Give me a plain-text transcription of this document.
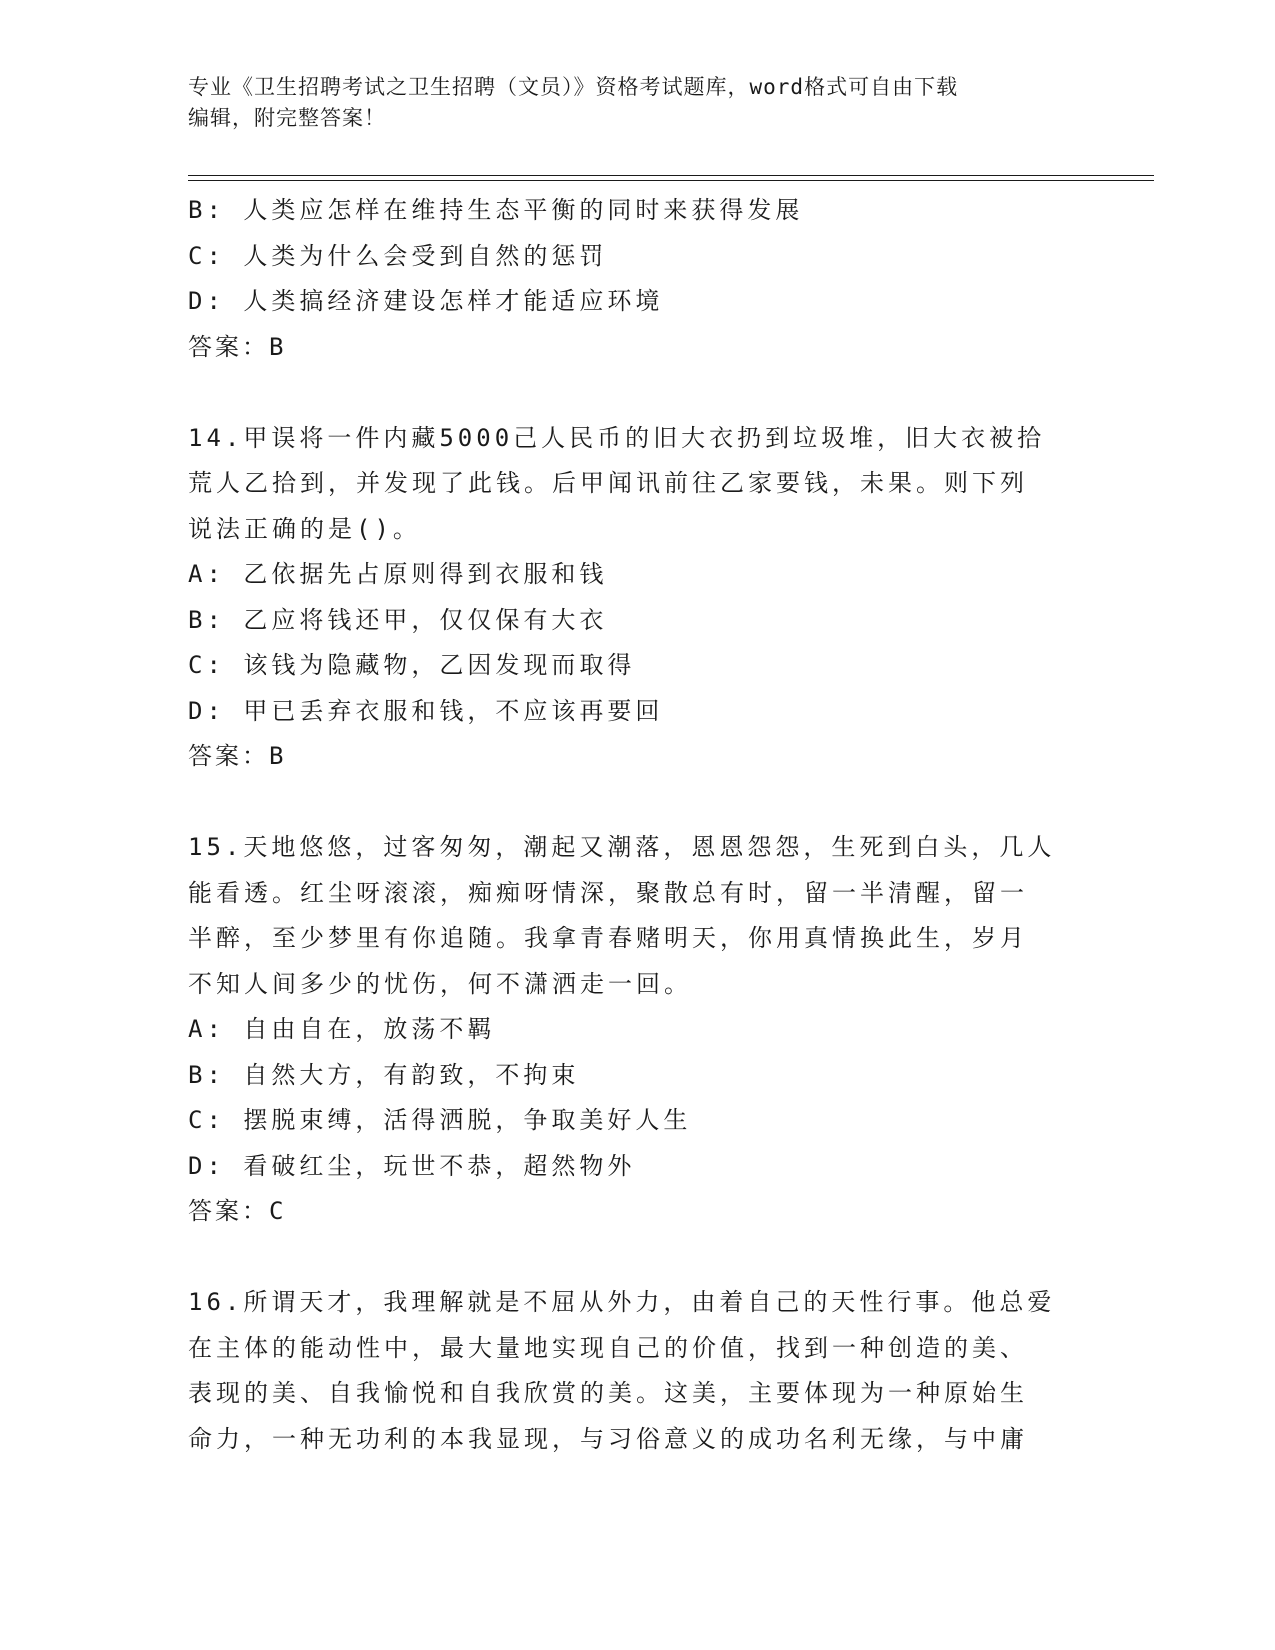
专业《卫生招聘考试之卫生招聘（文员）》资格考试题库，word格式可自由下载
编辑，附完整答案！
B: 人类应怎样在维持生态平衡的同时来获得发展
C: 人类为什么会受到自然的惩罚
D: 人类搞经济建设怎样才能适应环境
答案：B
14.甲误将一件内藏5000己人民币的旧大衣扔到垃圾堆，旧大衣被拾
荒人乙拾到，并发现了此钱。后甲闻讯前往乙家要钱，未果。则下列
说法正确的是()。
A: 乙依据先占原则得到衣服和钱
B: 乙应将钱还甲，仅仅保有大衣
C: 该钱为隐藏物，乙因发现而取得
D: 甲已丢弃衣服和钱，不应该再要回
答案：B
15.天地悠悠，过客匆匆，潮起又潮落，恩恩怨怨，生死到白头，几人
能看透。红尘呀滚滚，痴痴呀情深，聚散总有时，留一半清醒，留一
半醉，至少梦里有你追随。我拿青春赌明天，你用真情换此生，岁月
不知人间多少的忧伤，何不潇洒走一回。
A: 自由自在，放荡不羁
B: 自然大方，有韵致，不拘束
C: 摆脱束缚，活得洒脱，争取美好人生
D: 看破红尘，玩世不恭，超然物外
答案：C
16.所谓天才，我理解就是不屈从外力，由着自己的天性行事。他总爱
在主体的能动性中，最大量地实现自己的价值，找到一种创造的美、
表现的美、自我愉悦和自我欣赏的美。这美，主要体现为一种原始生
命力，一种无功利的本我显现，与习俗意义的成功名利无缘，与中庸
